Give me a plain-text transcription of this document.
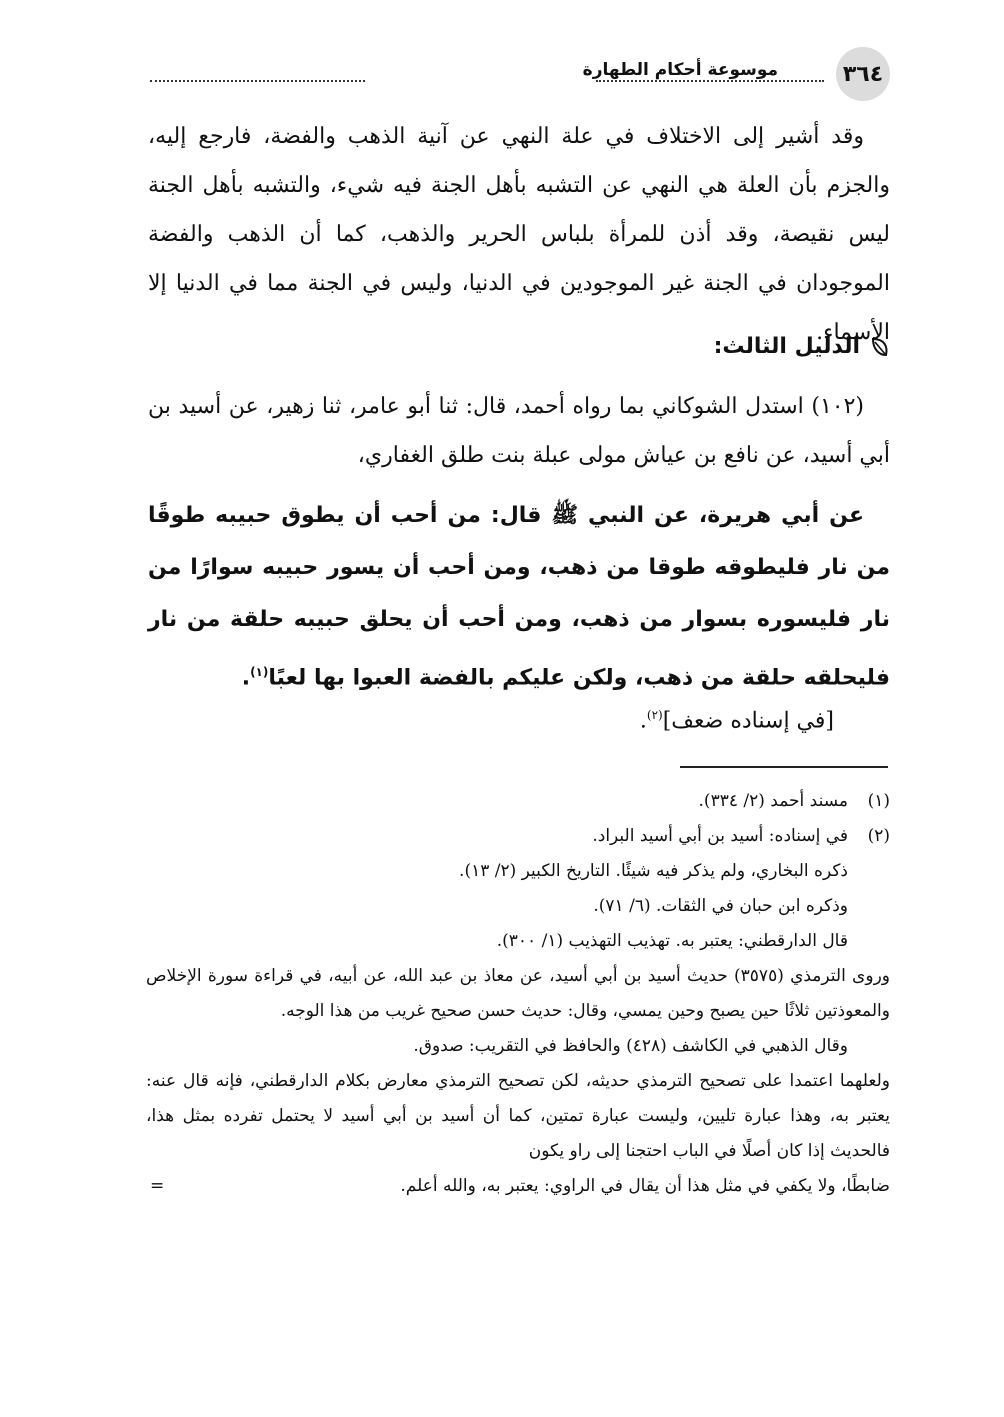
٣٦٤
موسوعة أحكام الطهارة
وقد أشير إلى الاختلاف في علة النهي عن آنية الذهب والفضة، فارجع إليه، والجزم بأن العلة هي النهي عن التشبه بأهل الجنة فيه شيء، والتشبه بأهل الجنة ليس نقيصة، وقد أذن للمرأة بلباس الحرير والذهب، كما أن الذهب والفضة الموجودان في الجنة غير الموجودين في الدنيا، وليس في الجنة مما في الدنيا إلا الأسماء.
الدليل الثالث:
(١٠٢) استدل الشوكاني بما رواه أحمد، قال: ثنا أبو عامر، ثنا زهير، عن أسيد بن أبي أسيد، عن نافع بن عياش مولى عبلة بنت طلق الغفاري،
عن أبي هريرة، عن النبي ﷺ قال: من أحب أن يطوق حبيبه طوقًا من نار فليطوقه طوقا من ذهب، ومن أحب أن يسور حبيبه سوارًا من نار فليسوره بسوار من ذهب، ومن أحب أن يحلق حبيبه حلقة من نار فليحلقه حلقة من ذهب، ولكن عليكم بالفضة العبوا بها لعبًا$^{(١)}$.
[في إسناده ضعف]$^{(٢)}$.
(١)
مسند أحمد (٢/ ٣٣٤).
(٢)
في إسناده: أسيد بن أبي أسيد البراد.
ذكره البخاري، ولم يذكر فيه شيئًا. التاريخ الكبير (٢/ ١٣).
وذكره ابن حبان في الثقات. (٦/ ٧١).
قال الدارقطني: يعتبر به. تهذيب التهذيب (١/ ٣٠٠).
وروى الترمذي (٣٥٧٥) حديث أسيد بن أبي أسيد، عن معاذ بن عبد الله، عن أبيه، في قراءة سورة الإخلاص والمعوذتين ثلاثًا حين يصبح وحين يمسي، وقال: حديث حسن صحيح غريب من هذا الوجه.
وقال الذهبي في الكاشف (٤٢٨) والحافظ في التقريب: صدوق.
ولعلهما اعتمدا على تصحيح الترمذي حديثه، لكن تصحيح الترمذي معارض بكلام الدارقطني، فإنه قال عنه: يعتبر به، وهذا عبارة تليين، وليست عبارة تمتين، كما أن أسيد بن أبي أسيد لا يحتمل تفرده بمثل هذا، فالحديث إذا كان أصلًا في الباب احتجنا إلى راو يكون
ضابطًا، ولا يكفي في مثل هذا أن يقال في الراوي: يعتبر به، والله أعلم.
=
